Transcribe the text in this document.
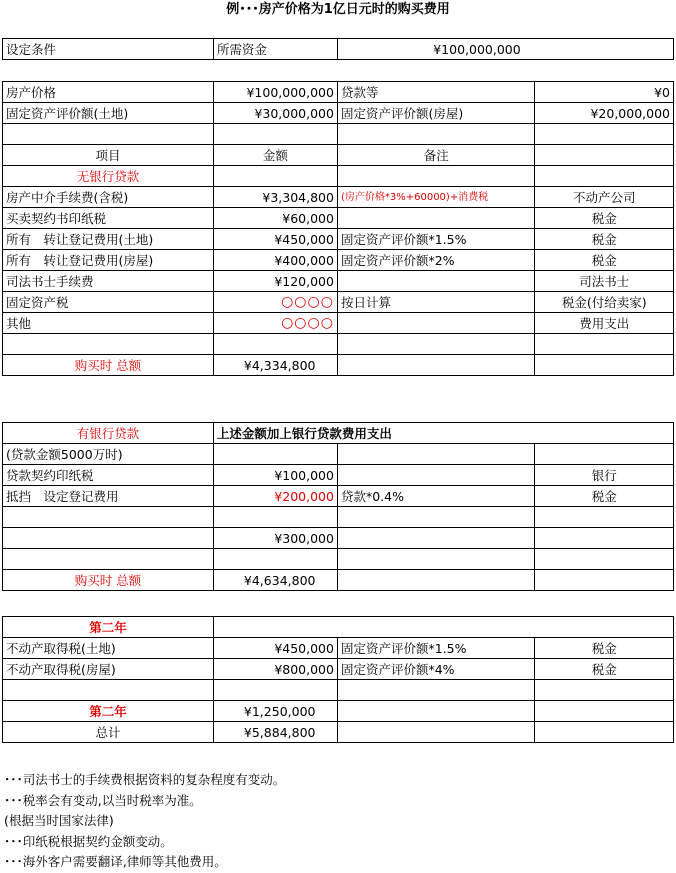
例･･･房产价格为1亿日元时的购买费用
设定条件	所需资金	¥100,000,000
房产价格	¥100,000,000	贷款等	¥0
固定资产评价额(土地)	¥30,000,000	固定资产评价额(房屋)	¥20,000,000

项目	金额	备注	
无银行贷款			
房产中介手续费(含税)	¥3,304,800	(房产价格*3%+60000)+消费税	不动产公司
买卖契约书印纸税	¥60,000		税金
所有　转让登记费用(土地)	¥450,000	固定资产评价额*1.5%	税金
所有　转让登记费用(房屋)	¥400,000	固定资产评价额*2%	税金
司法书士手续费	¥120,000		司法书士
固定资产税	○○○○	按日计算	税金(付给卖家)
其他	○○○○		费用支出

购买时 总额	¥4,334,800		
有银行贷款	上述金额加上银行贷款费用支出		
(贷款金额5000万时)			
贷款契约印纸税	¥100,000		银行
抵挡　设定登记费用	¥200,000	贷款*0.4%	税金

	¥300,000		

购买时 总额	¥4,634,800		
第二年			
不动产取得税(土地)	¥450,000	固定资产评价额*1.5%	税金
不动产取得税(房屋)	¥800,000	固定资产评价额*4%	税金

第二年	¥1,250,000		
总计	¥5,884,800		
･･･司法书士的手续费根据资料的复杂程度有变动。
･･･税率会有变动,以当时税率为准。
(根据当时国家法律)
･･･印纸税根据契约金额变动。
･･･海外客户需要翻译,律师等其他费用。
